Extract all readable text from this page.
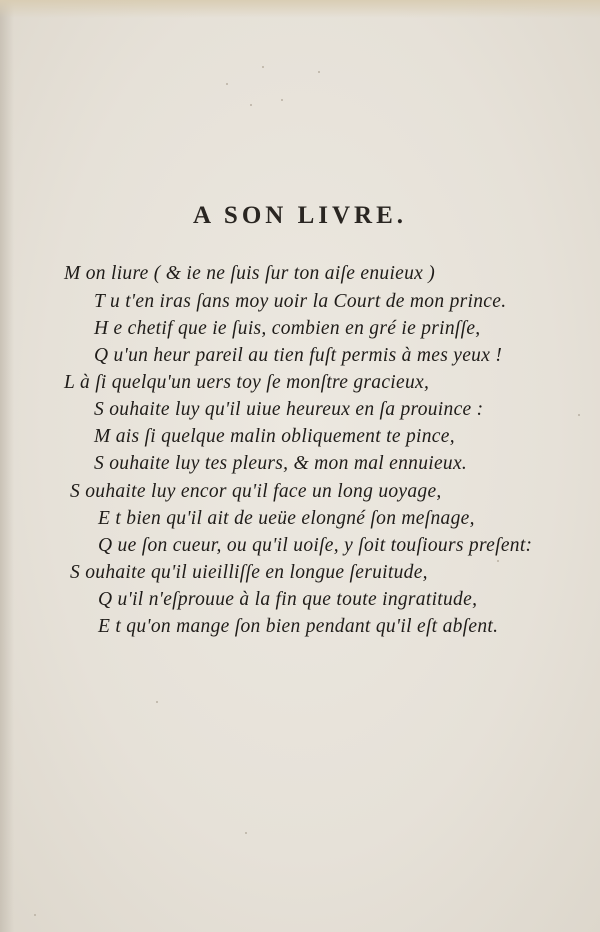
A SON LIVRE.
M on liure ( & ie ne ſuis ſur ton aiſe enuieux )
T u t'en iras ſans moy uoir la Court de mon prince.
H e chetif que ie ſuis, combien en gré ie prinſſe,
Q u'un heur pareil au tien fuſt permis à mes yeux !
L à ſi quelqu'un uers toy ſe monſtre gracieux,
S ouhaite luy qu'il uiue heureux en ſa prouince :
M ais ſi quelque malin obliquement te pince,
S ouhaite luy tes pleurs, & mon mal ennuieux.
S ouhaite luy encor qu'il face un long uoyage,
E t bien qu'il ait de ueüe elongné ſon meſnage,
Q ue ſon cueur, ou qu'il uoiſe, y ſoit touſiours preſent:
S ouhaite qu'il uieilliſſe en longue ſeruitude,
Q u'il n'eſprouue à la fin que toute ingratitude,
E t qu'on mange ſon bien pendant qu'il eſt abſent.
